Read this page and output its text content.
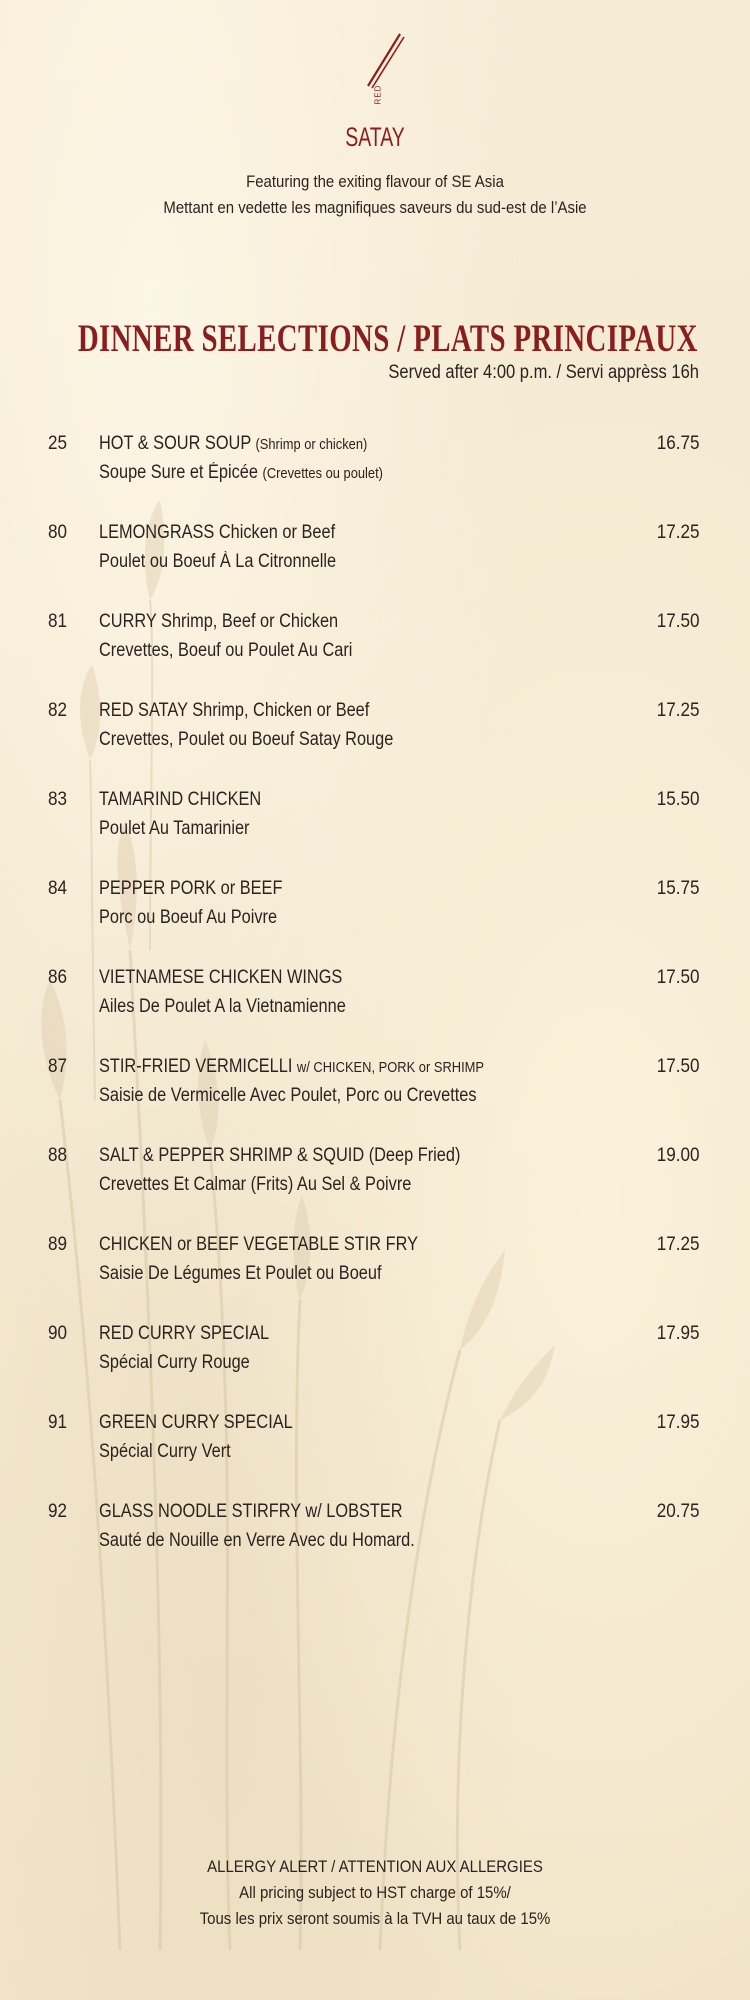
RED
SATAY
Featuring the exiting flavour of SE Asia
Mettant en vedette les magnifiques saveurs du sud-est de l’Asie
DINNER SELECTIONS / PLATS PRINCIPAUX
Served after 4:00 p.m. / Servi apprèss 16h
25 HOT & SOUR SOUP (Shrimp or chicken)
Soupe Sure et Épicée (Crevettes ou poulet)
16.75
80 LEMONGRASS Chicken or Beef
Poulet ou Boeuf À La Citronnelle
17.25
81 CURRY Shrimp, Beef or Chicken
Crevettes, Boeuf ou Poulet Au Cari
17.50
82 RED SATAY Shrimp, Chicken or Beef
Crevettes, Poulet ou Boeuf Satay Rouge
17.25
83 TAMARIND CHICKEN
Poulet Au Tamarinier
15.50
84 PEPPER PORK or BEEF
Porc ou Boeuf Au Poivre
15.75
86 VIETNAMESE CHICKEN WINGS
Ailes De Poulet A la Vietnamienne
17.50
87 STIR-FRIED VERMICELLI w/ CHICKEN, PORK or SRHIMP
Saisie de Vermicelle Avec Poulet, Porc ou Crevettes
17.50
88 SALT & PEPPER SHRIMP & SQUID (Deep Fried)
Crevettes Et Calmar (Frits) Au Sel & Poivre
19.00
89 CHICKEN or BEEF VEGETABLE STIR FRY
Saisie De Légumes Et Poulet ou Boeuf
17.25
90 RED CURRY SPECIAL
Spécial Curry Rouge
17.95
91 GREEN CURRY SPECIAL
Spécial Curry Vert
17.95
92 GLASS NOODLE STIRFRY w/ LOBSTER
Sauté de Nouille en Verre Avec du Homard.
20.75
ALLERGY ALERT / ATTENTION AUX ALLERGIES
All pricing subject to HST charge of 15%/
Tous les prix seront soumis à la TVH au taux de 15%
